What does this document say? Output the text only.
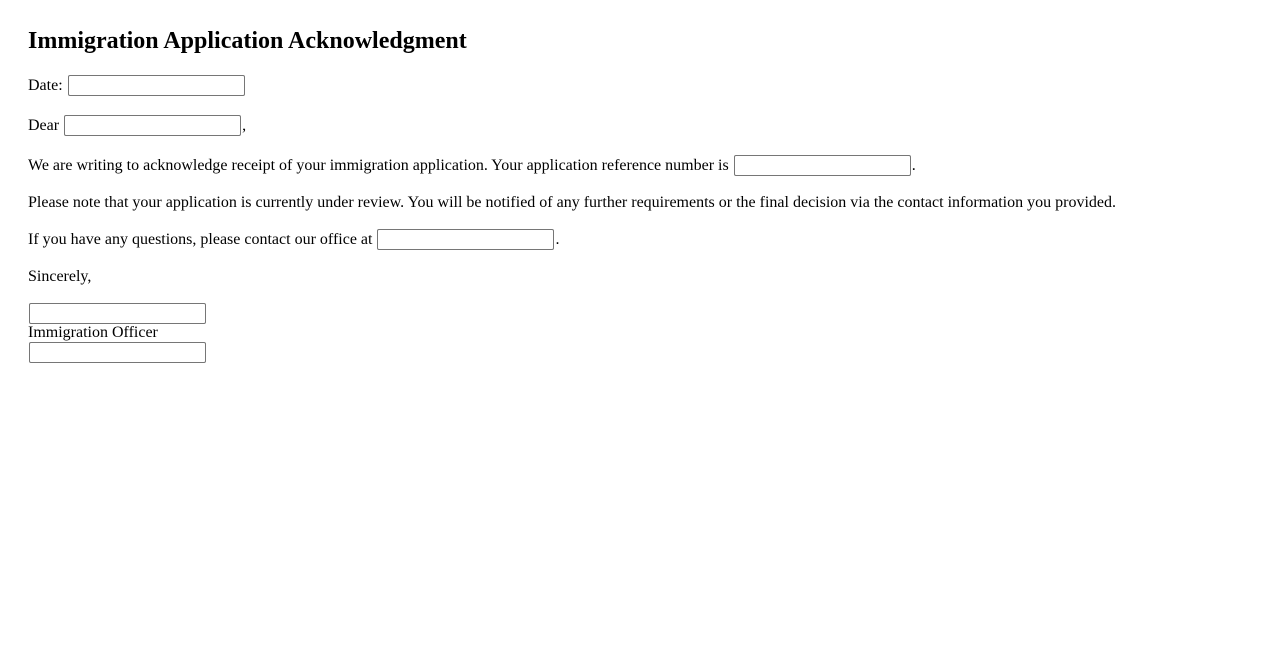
Immigration Application Acknowledgment

Date:

Dear	,

We are writing to acknowledge receipt of your immigration application. Your application reference number is	.

Please note that your application is currently under review. You will be notified of any further requirements or the final decision via the contact information you provided.

If you have any questions, please contact our office at	.

Sincerely,

Immigration Officer
